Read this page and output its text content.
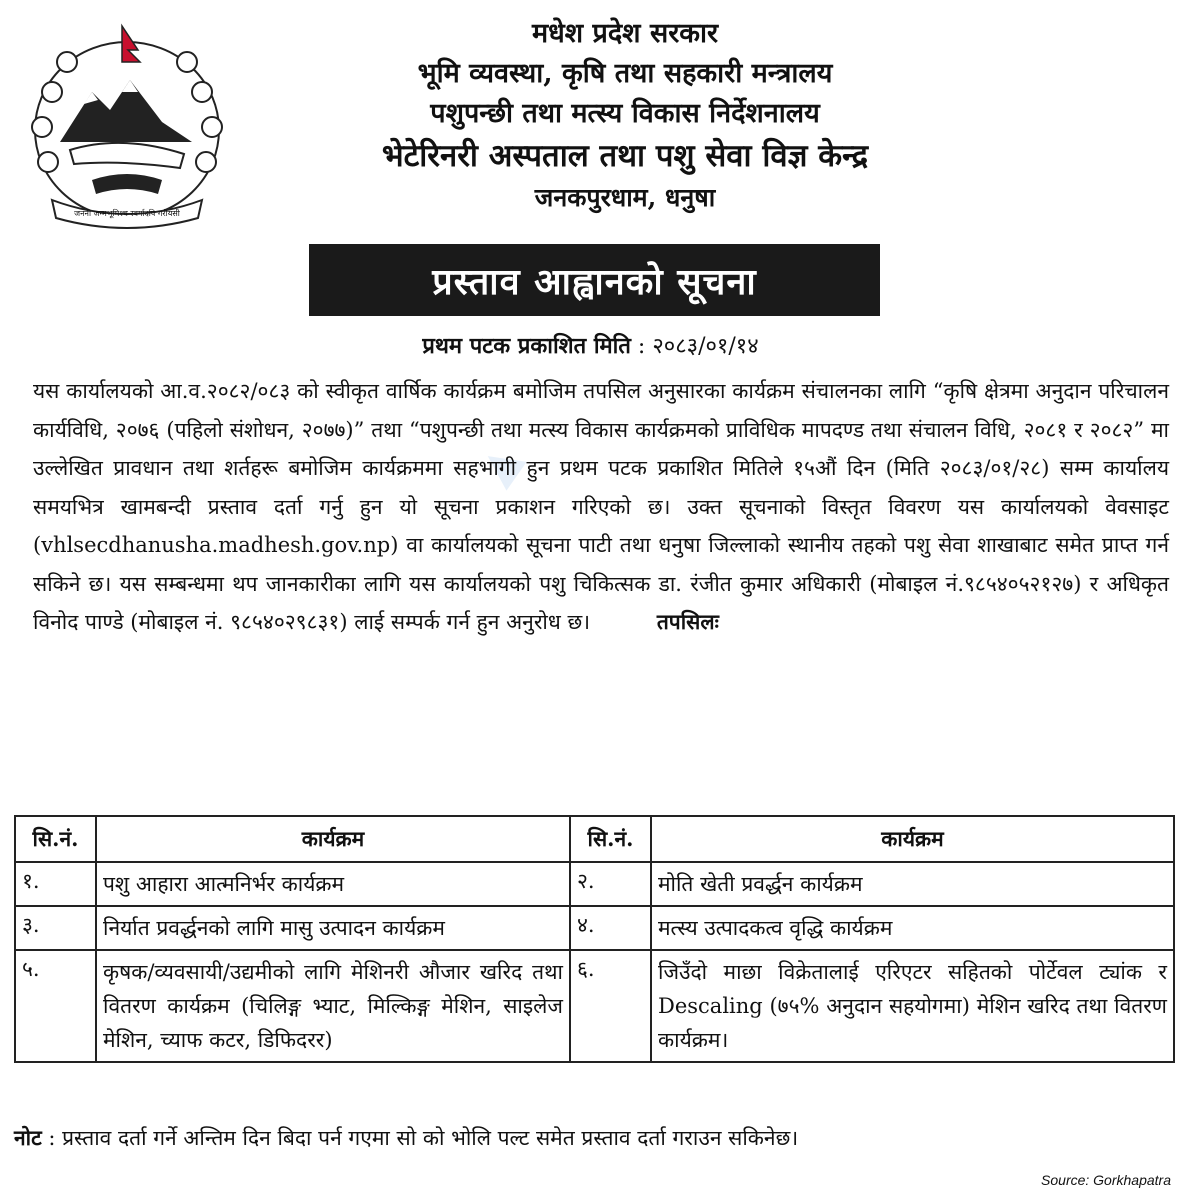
▲
जननी जन्मभूमिश्च स्वर्गादपि गरीयसी
मधेश प्रदेश सरकार
भूमि व्यवस्था, कृषि तथा सहकारी मन्त्रालय
पशुपन्छी तथा मत्स्य विकास निर्देशनालय
भेटेरिनरी अस्पताल तथा पशु सेवा विज्ञ केन्द्र
जनकपुरधाम, धनुषा
प्रस्ताव आह्वानको सूचना
प्रथम पटक प्रकाशित मिति : २०८३/०१/१४
यस कार्यालयको आ.व.२०८२/०८३ को स्वीकृत वार्षिक कार्यक्रम बमोजिम तपसिल अनुसारका कार्यक्रम संचालनका लागि “कृषि क्षेत्रमा अनुदान परिचालन कार्यविधि, २०७६ (पहिलो संशोधन, २०७७)” तथा “पशुपन्छी तथा मत्स्य विकास कार्यक्रमको प्राविधिक मापदण्ड तथा संचालन विधि, २०८१ र २०८२” मा उल्लेखित प्रावधान तथा शर्तहरू बमोजिम कार्यक्रममा सहभागी हुन प्रथम पटक प्रकाशित मितिले १५औं दिन (मिति २०८३/०१/२८) सम्म कार्यालय समयभित्र खामबन्दी प्रस्ताव दर्ता गर्नु हुन यो सूचना प्रकाशन गरिएको छ। उक्त सूचनाको विस्तृत विवरण यस कार्यालयको वेवसाइट (vhlsecdhanusha.madhesh.gov.np) वा कार्यालयको सूचना पाटी तथा धनुषा जिल्लाको स्थानीय तहको पशु सेवा शाखाबाट समेत प्राप्त गर्न सकिने छ। यस सम्बन्धमा थप जानकारीका लागि यस कार्यालयको पशु चिकित्सक डा. रंजीत कुमार अधिकारी (मोबाइल नं.९८५४०५२१२७) र अधिकृत विनोद पाण्डे (मोबाइल नं. ९८५४०२९८३१) लाई सम्पर्क गर्न हुन अनुरोध छ।	तपसिलः
सि.नं.	कार्यक्रम	सि.नं.	कार्यक्रम
१.	पशु आहारा आत्मनिर्भर कार्यक्रम	२.	मोति खेती प्रवर्द्धन कार्यक्रम
३.	निर्यात प्रवर्द्धनको लागि मासु उत्पादन कार्यक्रम	४.	मत्स्य उत्पादकत्व वृद्धि कार्यक्रम
५.	कृषक/व्यवसायी/उद्यमीको लागि मेशिनरी औजार खरिद तथा वितरण कार्यक्रम (चिलिङ्ग भ्याट, मिल्किङ्ग मेशिन, साइलेज मेशिन, च्याफ कटर, डिफिदरर)	६.	जिउँदो माछा विक्रेतालाई एरिएटर सहितको पोर्टेवल ट्यांक र Descaling (७५% अनुदान सहयोगमा) मेशिन खरिद तथा वितरण कार्यक्रम।
नोट : प्रस्ताव दर्ता गर्ने अन्तिम दिन बिदा पर्न गएमा सो को भोलि पल्ट समेत प्रस्ताव दर्ता गराउन सकिनेछ।
Source: Gorkhapatra
